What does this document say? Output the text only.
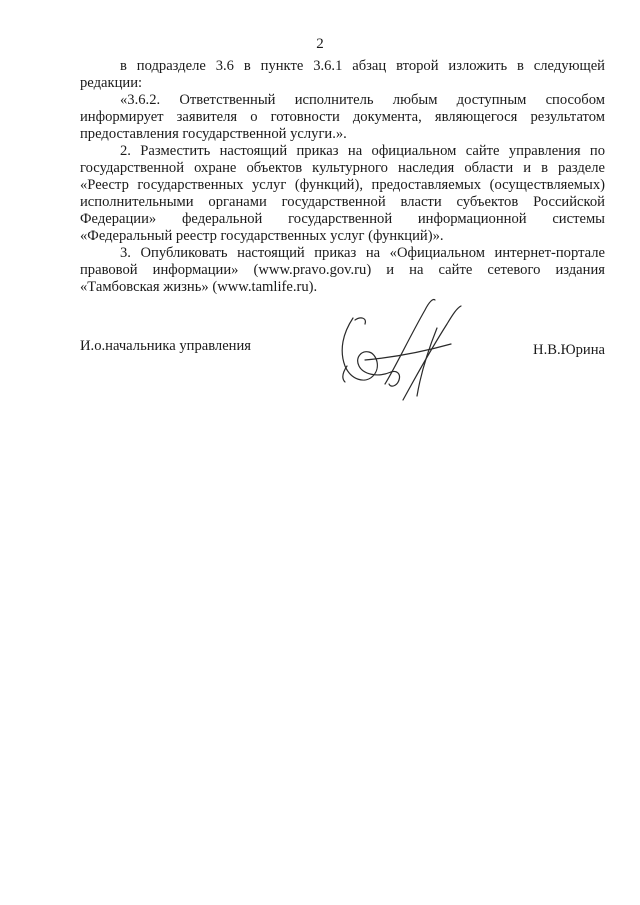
2

в подразделе 3.6 в пункте 3.6.1 абзац второй изложить в следующей редакции:

«3.6.2. Ответственный исполнитель любым доступным способом информирует заявителя о готовности документа, являющегося результатом предоставления государственной услуги.».

2. Разместить настоящий приказ на официальном сайте управления по государственной охране объектов культурного наследия области и в разделе «Реестр государственных услуг (функций), предоставляемых (осуществляемых) исполнительными органами государственной власти субъектов Российской Федерации» федеральной государственной информационной системы «Федеральный реестр государственных услуг (функций)».

3. Опубликовать настоящий приказ на «Официальном интернет-портале правовой информации» (www.pravo.gov.ru) и на сайте сетевого издания «Тамбовская жизнь» (www.tamlife.ru).

И.о.начальника управления	Н.В.Юрина
